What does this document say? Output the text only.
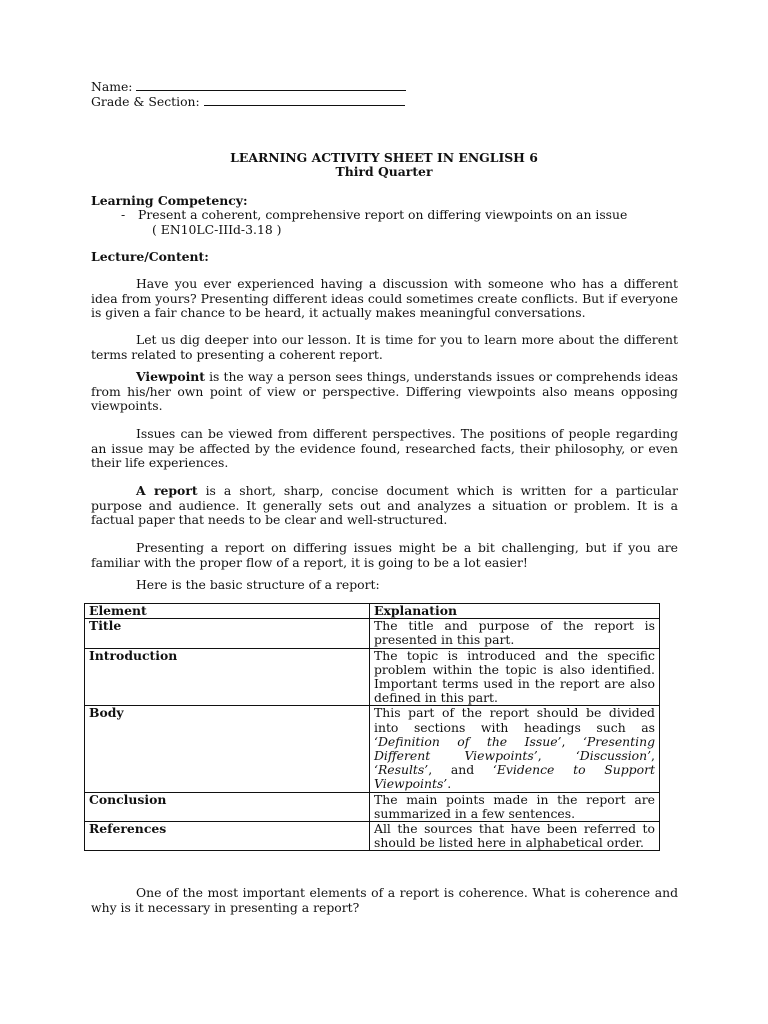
Name:
Grade & Section:
LEARNING ACTIVITY SHEET IN ENGLISH 6
Third Quarter
Learning Competency:
- Present a coherent, comprehensive report on differing viewpoints on an issue
( EN10LC-IIId-3.18 )
Lecture/Content:
Have you ever experienced having a discussion with someone who has a different idea from yours? Presenting different ideas could sometimes create conflicts. But if everyone is given a fair chance to be heard, it actually makes meaningful conversations.
Let us dig deeper into our lesson. It is time for you to learn more about the different terms related to presenting a coherent report.
Viewpoint is the way a person sees things, understands issues or comprehends ideas from his/her own point of view or perspective. Differing viewpoints also means opposing viewpoints.
Issues can be viewed from different perspectives. The positions of people regarding an issue may be affected by the evidence found, researched facts, their philosophy, or even their life experiences.
A report is a short, sharp, concise document which is written for a particular purpose and audience. It generally sets out and analyzes a situation or problem. It is a factual paper that needs to be clear and well-structured.
Presenting a report on differing issues might be a bit challenging, but if you are familiar with the proper flow of a report, it is going to be a lot easier!
Here is the basic structure of a report:
Element	Explanation
Title	The title and purpose of the report is presented in this part.
Introduction	The topic is introduced and the specific problem within the topic is also identified. Important terms used in the report are also defined in this part.
Body	This part of the report should be divided into sections with headings such as ‘Definition of the Issue’, ‘Presenting Different Viewpoints’, ‘Discussion’, ‘Results’, and ‘Evidence to Support Viewpoints’.
Conclusion	The main points made in the report are summarized in a few sentences.
References	All the sources that have been referred to should be listed here in alphabetical order.
One of the most important elements of a report is coherence. What is coherence and why is it necessary in presenting a report?
